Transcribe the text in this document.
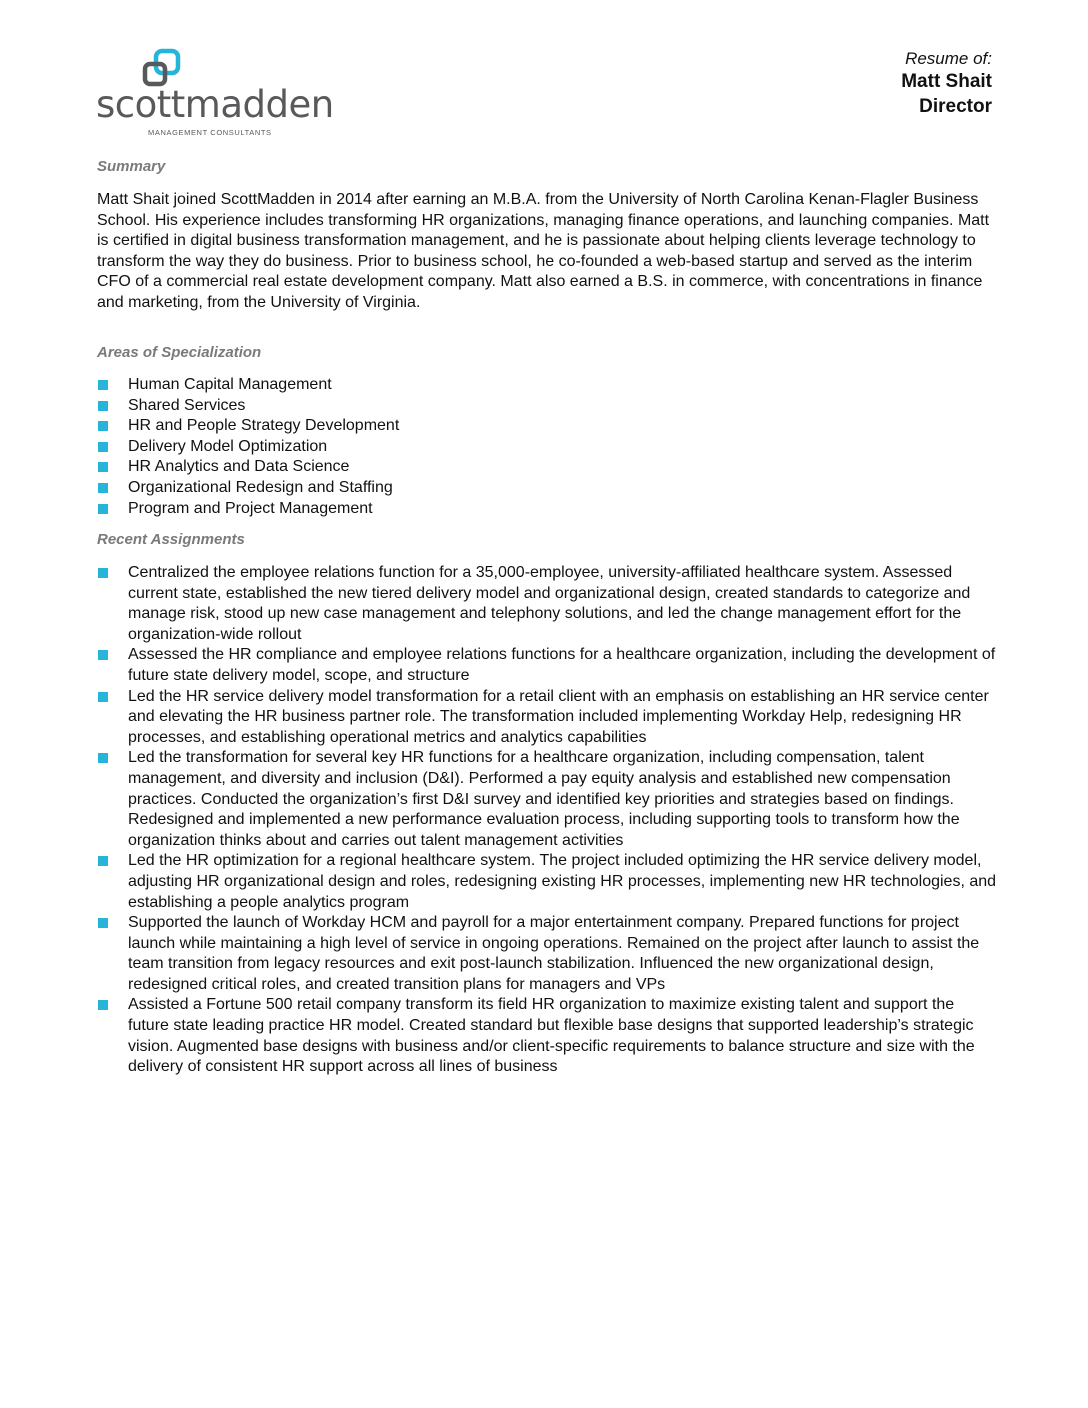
scottmadden
MANAGEMENT CONSULTANTS
Resume of:
Matt Shait
Director
Summary

Matt Shait joined ScottMadden in 2014 after earning an M.B.A. from the University of North Carolina Kenan-Flagler Business School. His experience includes transforming HR organizations, managing finance operations, and launching companies. Matt is certified in digital business transformation management, and he is passionate about helping clients leverage technology to transform the way they do business. Prior to business school, he co-founded a web-based startup and served as the interim CFO of a commercial real estate development company. Matt also earned a B.S. in commerce, with concentrations in finance and marketing, from the University of Virginia.

Areas of Specialization
Human Capital Management
Shared Services
HR and People Strategy Development
Delivery Model Optimization
HR Analytics and Data Science
Organizational Redesign and Staffing
Program and Project Management
Recent Assignments
Centralized the employee relations function for a 35,000-employee, university-affiliated healthcare system. Assessed current state, established the new tiered delivery model and organizational design, created standards to categorize and manage risk, stood up new case management and telephony solutions, and led the change management effort for the organization-wide rollout
Assessed the HR compliance and employee relations functions for a healthcare organization, including the development of future state delivery model, scope, and structure
Led the HR service delivery model transformation for a retail client with an emphasis on establishing an HR service center and elevating the HR business partner role. The transformation included implementing Workday Help, redesigning HR processes, and establishing operational metrics and analytics capabilities
Led the transformation for several key HR functions for a healthcare organization, including compensation, talent management, and diversity and inclusion (D&I). Performed a pay equity analysis and established new compensation practices. Conducted the organization’s first D&I survey and identified key priorities and strategies based on findings. Redesigned and implemented a new performance evaluation process, including supporting tools to transform how the organization thinks about and carries out talent management activities
Led the HR optimization for a regional healthcare system. The project included optimizing the HR service delivery model, adjusting HR organizational design and roles, redesigning existing HR processes, implementing new HR technologies, and establishing a people analytics program
Supported the launch of Workday HCM and payroll for a major entertainment company. Prepared functions for project launch while maintaining a high level of service in ongoing operations. Remained on the project after launch to assist the team transition from legacy resources and exit post-launch stabilization. Influenced the new organizational design, redesigned critical roles, and created transition plans for managers and VPs
Assisted a Fortune 500 retail company transform its field HR organization to maximize existing talent and support the future state leading practice HR model. Created standard but flexible base designs that supported leadership’s strategic vision. Augmented base designs with business and/or client-specific requirements to balance structure and size with the delivery of consistent HR support across all lines of business
